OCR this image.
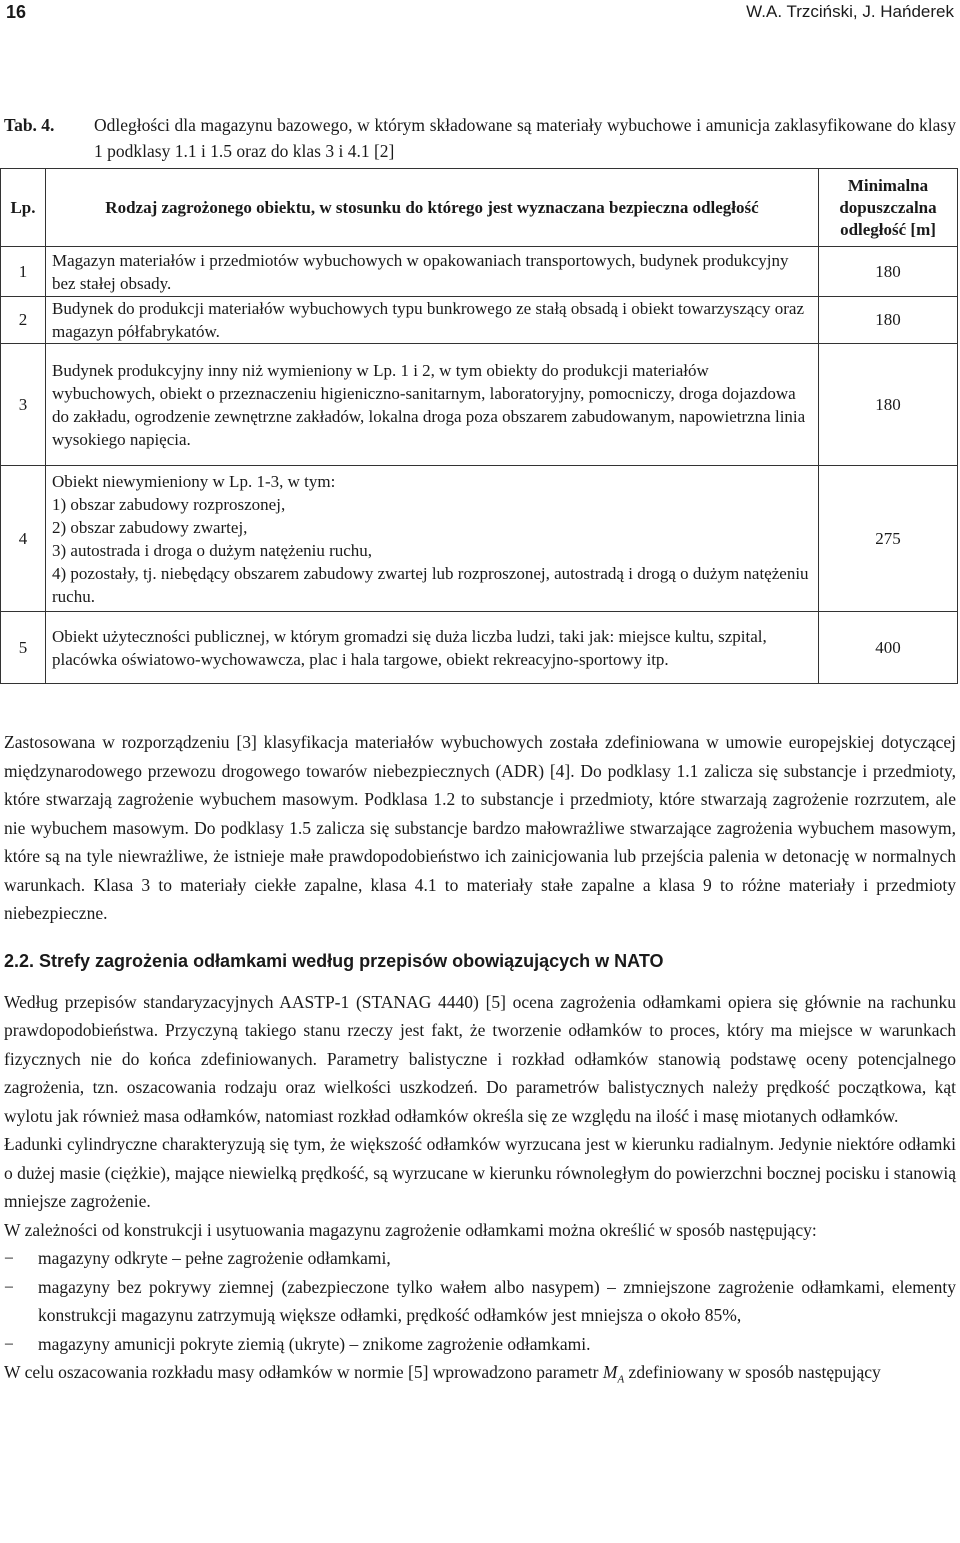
16	W.A. Trzciński, J. Hańderek
Tab. 4. Odległości dla magazynu bazowego, w którym składowane są materiały wybuchowe i amunicja zaklasyfikowane do klasy 1 podklasy 1.1 i 1.5 oraz do klas 3 i 4.1 [2]
Lp.	Rodzaj zagrożonego obiektu, w stosunku do którego jest wyznaczana bezpieczna odległość	Minimalna dopuszczalna odległość [m]
1	Magazyn materiałów i przedmiotów wybuchowych w opakowaniach transportowych, budynek produkcyjny bez stałej obsady.	180
2	Budynek do produkcji materiałów wybuchowych typu bunkrowego ze stałą obsadą i obiekt towarzyszący oraz magazyn półfabrykatów.	180
3	Budynek produkcyjny inny niż wymieniony w Lp. 1 i 2, w tym obiekty do produkcji materiałów wybuchowych, obiekt o przeznaczeniu higieniczno-sanitarnym, laboratoryjny, pomocniczy, droga dojazdowa do zakładu, ogrodzenie zewnętrzne zakładów, lokalna droga poza obszarem zabudowanym, napowietrzna linia wysokiego napięcia.	180
4	Obiekt niewymieniony w Lp. 1-3, w tym:
1) obszar zabudowy rozproszonej,
2) obszar zabudowy zwartej,
3) autostrada i droga o dużym natężeniu ruchu,
4) pozostały, tj. niebędący obszarem zabudowy zwartej lub rozproszonej, autostradą i drogą o dużym natężeniu ruchu.	275
5	Obiekt użyteczności publicznej, w którym gromadzi się duża liczba ludzi, taki jak: miejsce kultu, szpital, placówka oświatowo-wychowawcza, plac i hala targowe, obiekt rekreacyjno-sportowy itp.	400

Zastosowana w rozporządzeniu [3] klasyfikacja materiałów wybuchowych została zdefiniowana w umowie europejskiej dotyczącej międzynarodowego przewozu drogowego towarów niebezpiecznych (ADR) [4]. Do podklasy 1.1 zalicza się substancje i przedmioty, które stwarzają zagrożenie wybuchem masowym. Podklasa 1.2 to substancje i przedmioty, które stwarzają zagrożenie rozrzutem, ale nie wybuchem masowym. Do podklasy 1.5 zalicza się substancje bardzo małowrażliwe stwarzające zagrożenia wybuchem masowym, które są na tyle niewrażliwe, że istnieje małe prawdopodobieństwo ich zainicjowania lub przejścia palenia w detonację w normalnych warunkach. Klasa 3 to materiały ciekłe zapalne, klasa 4.1 to materiały stałe zapalne a klasa 9 to różne materiały i przedmioty niebezpieczne.

2.2. Strefy zagrożenia odłamkami według przepisów obowiązujących w NATO

Według przepisów standaryzacyjnych AASTP-1 (STANAG 4440) [5] ocena zagrożenia odłamkami opiera się głównie na rachunku prawdopodobieństwa. Przyczyną takiego stanu rzeczy jest fakt, że tworzenie odłamków to proces, który ma miejsce w warunkach fizycznych nie do końca zdefiniowanych. Parametry balistyczne i rozkład odłamków stanowią podstawę oceny potencjalnego zagrożenia, tzn. oszacowania rodzaju oraz wielkości uszkodzeń. Do parametrów balistycznych należy prędkość początkowa, kąt wylotu jak również masa odłamków, natomiast rozkład odłamków określa się ze względu na ilość i masę miotanych odłamków.

Ładunki cylindryczne charakteryzują się tym, że większość odłamków wyrzucana jest w kierunku radialnym. Jedynie niektóre odłamki o dużej masie (ciężkie), mające niewielką prędkość, są wyrzucane w kierunku równoległym do powierzchni bocznej pocisku i stanowią mniejsze zagrożenie.

W zależności od konstrukcji i usytuowania magazynu zagrożenie odłamkami można określić w sposób następujący:

−	magazyny odkryte – pełne zagrożenie odłamkami,
−	magazyny bez pokrywy ziemnej (zabezpieczone tylko wałem albo nasypem) – zmniejszone zagrożenie odłamkami, elementy konstrukcji magazynu zatrzymują większe odłamki, prędkość odłamków jest mniejsza o około 85%,
−	magazyny amunicji pokryte ziemią (ukryte) – znikome zagrożenie odłamkami.

W celu oszacowania rozkładu masy odłamków w normie [5] wprowadzono parametr $M_A$ zdefiniowany w sposób następujący
